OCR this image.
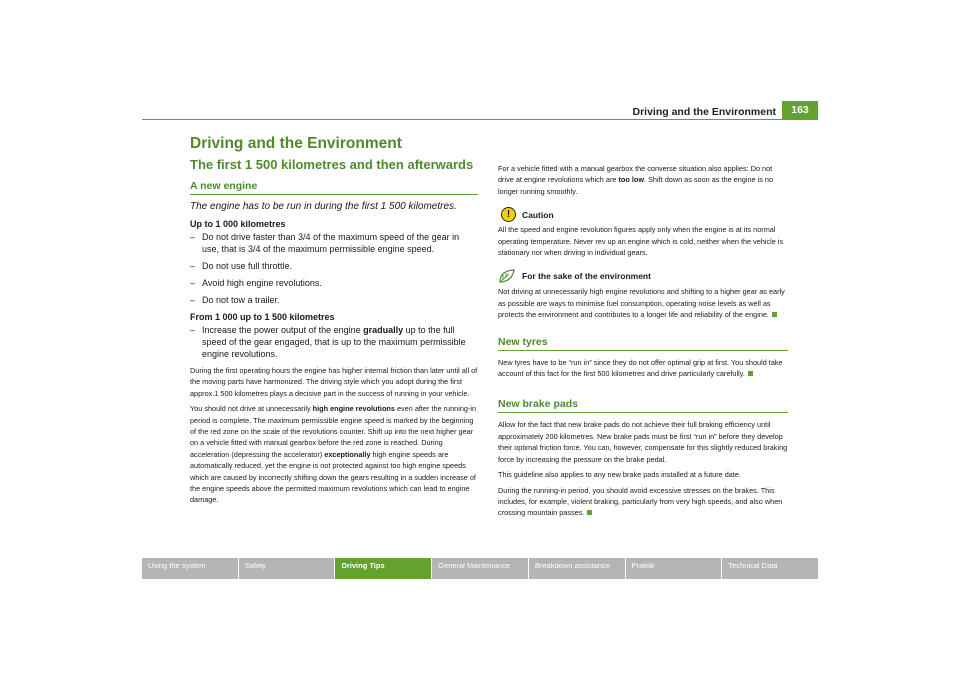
Driving and the Environment	163
Driving and the Environment
The first 1 500 kilometres and then afterwards
A new engine
The engine has to be run in during the first 1 500 kilometres.
Up to 1 000 kilometres
– Do not drive faster than 3/4 of the maximum speed of the gear in use, that is 3/4 of the maximum permissible engine speed.
– Do not use full throttle.
– Avoid high engine revolutions.
– Do not tow a trailer.
From 1 000 up to 1 500 kilometres
– Increase the power output of the engine gradually up to the full speed of the gear engaged, that is up to the maximum permissible engine revolutions.

During the first operating hours the engine has higher internal friction than later until all of the moving parts have harmonized. The driving style which you adopt during the first approx.1 500 kilometres plays a decisive part in the success of running in your vehicle.

You should not drive at unnecessarily high engine revolutions even after the running-in period is complete. The maximum permissible engine speed is marked by the beginning of the red zone on the scale of the revolutions counter. Shift up into the next higher gear on a vehicle fitted with manual gearbox before the red zone is reached. During acceleration (depressing the accelerator) exceptionally high engine speeds are automatically reduced, yet the engine is not protected against too high engine speeds which are caused by incorrectly shifting down the gears resulting in a sudden increase of the engine speeds above the permitted maximum revolutions which can lead to engine damage.

For a vehicle fitted with a manual gearbox the converse situation also applies: Do not drive at engine revolutions which are too low. Shift down as soon as the engine is no longer running smoothly.

!	Caution

All the speed and engine revolution figures apply only when the engine is at its normal operating temperature. Never rev up an engine which is cold, neither when the vehicle is stationary nor when driving in individual gears.

For the sake of the environment

Not driving at unnecessarily high engine revolutions and shifting to a higher gear as early as possible are ways to minimise fuel consumption, operating noise levels as well as protects the environment and contributes to a longer life and reliability of the engine.

New tyres

New tyres have to be “run in” since they do not offer optimal grip at first. You should take account of this fact for the first 500 kilometres and drive particularly carefully.

New brake pads

Allow for the fact that new brake pads do not achieve their full braking efficiency until approximately 200 kilometres. New brake pads must be first “run in” before they develop their optimal friction force. You can, however, compensate for this slightly reduced braking force by increasing the pressure on the brake pedal.

This guideline also applies to any new brake pads installed at a future date.

During the running-in period, you should avoid excessive stresses on the brakes. This includes, for example, violent braking, particularly from very high speeds, and also when crossing mountain passes.

Using the system	Safety	Driving Tips	General Maintenance	Breakdown assistance	Praktik	Technical Data
